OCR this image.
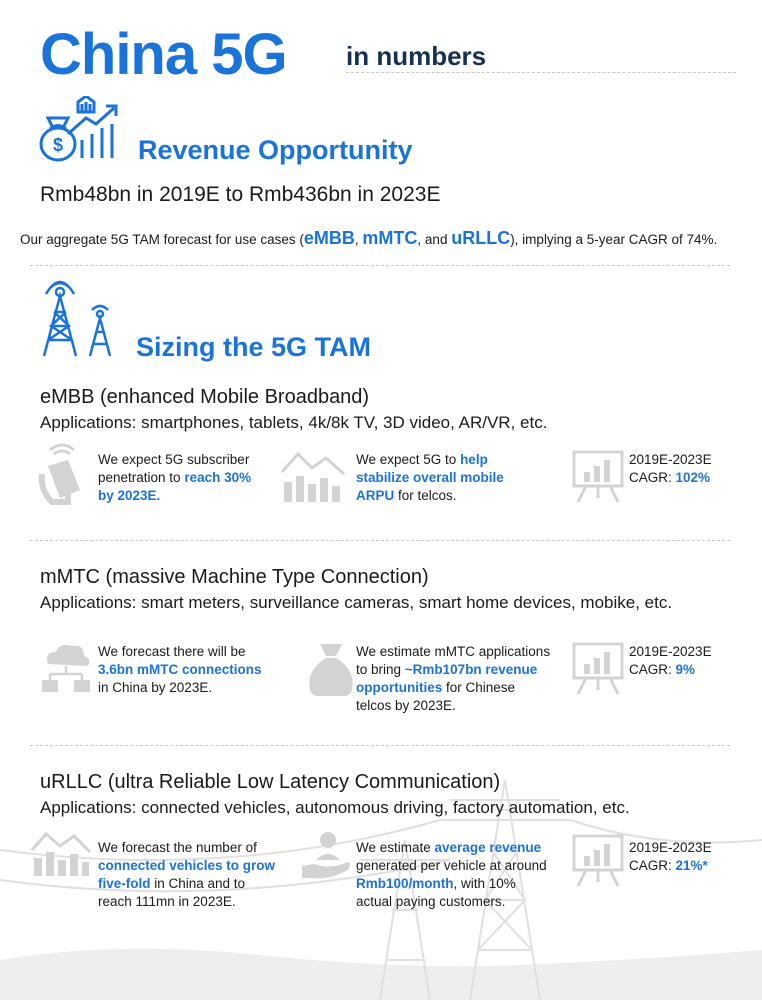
China 5G in numbers
$	Revenue Opportunity
Rmb48bn in 2019E to Rmb436bn in 2023E
Our aggregate 5G TAM forecast for use cases (eMBB, mMTC, and uRLLC), implying a 5-year CAGR of 74%.
Sizing the 5G TAM
eMBB (enhanced Mobile Broadband)
Applications: smartphones, tablets, 4k/8k TV, 3D video, AR/VR, etc.
We expect 5G subscriber
penetration to reach 30%
by 2023E.
We expect 5G to help
stabilize overall mobile
ARPU for telcos.
2019E-2023E
CAGR: 102%
mMTC (massive Machine Type Connection)
Applications: smart meters, surveillance cameras, smart home devices, mobike, etc.
We forecast there will be
3.6bn mMTC connections
in China by 2023E.
We estimate mMTC applications
to bring ~Rmb107bn revenue
opportunities for Chinese
telcos by 2023E.
2019E-2023E
CAGR: 9%
uRLLC (ultra Reliable Low Latency Communication)
Applications: connected vehicles, autonomous driving, factory automation, etc.
We forecast the number of
connected vehicles to grow
five-fold in China and to
reach 111mn in 2023E.
We estimate average revenue
generated per vehicle at around
Rmb100/month, with 10%
actual paying customers.
2019E-2023E
CAGR: 21%*
